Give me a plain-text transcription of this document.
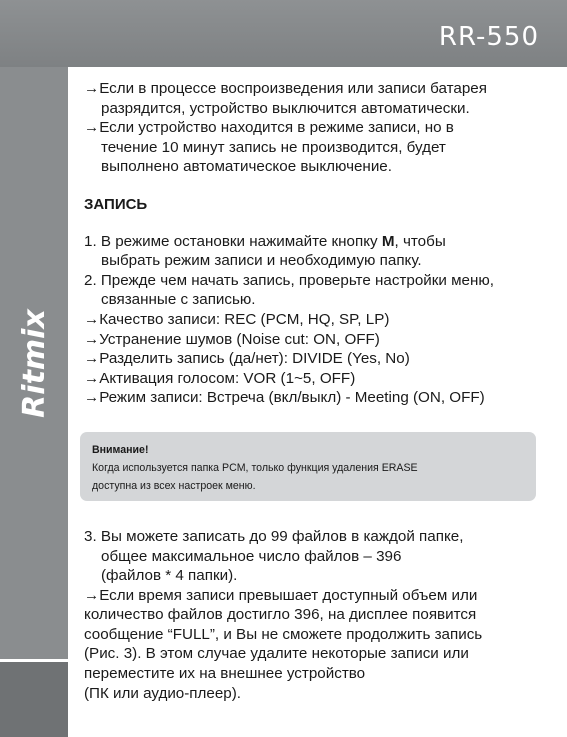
RR-550
Ritmix

→Если в процессе воспроизведения или записи батарея

разрядится, устройство выключится автоматически.

→Если устройство находится в режиме записи, но в

течение 10 минут запись не производится, будет

выполнено автоматическое выключение.

ЗАПИСЬ

1. В режиме остановки нажимайте кнопку M, чтобы

выбрать режим записи и необходимую папку.

2. Прежде чем начать запись, проверьте настройки меню,

связанные с записью.

→Качество записи: REC (PCM, HQ, SP, LP)

→Устранение шумов (Noise cut: ON, OFF)

→Разделить запись (да/нет): DIVIDE (Yes, No)

→Активация голосом: VOR (1~5, OFF)

→Режим записи: Встреча (вкл/выкл) - Meeting (ON, OFF)

Внимание!
Когда используется папка PCM, только функция удаления ERASE
доступна из всех настроек меню.

3. Вы можете записать до 99 файлов в каждой папке,

общее максимальное число файлов – 396

(файлов * 4 папки).

→Если время записи превышает доступный объем или

количество файлов достигло 396, на дисплее появится

сообщение “FULL”, и Вы не сможете продолжить запись

(Рис. 3). В этом случае удалите некоторые записи или

переместите их на внешнее устройство

(ПК или аудио-плеер).
